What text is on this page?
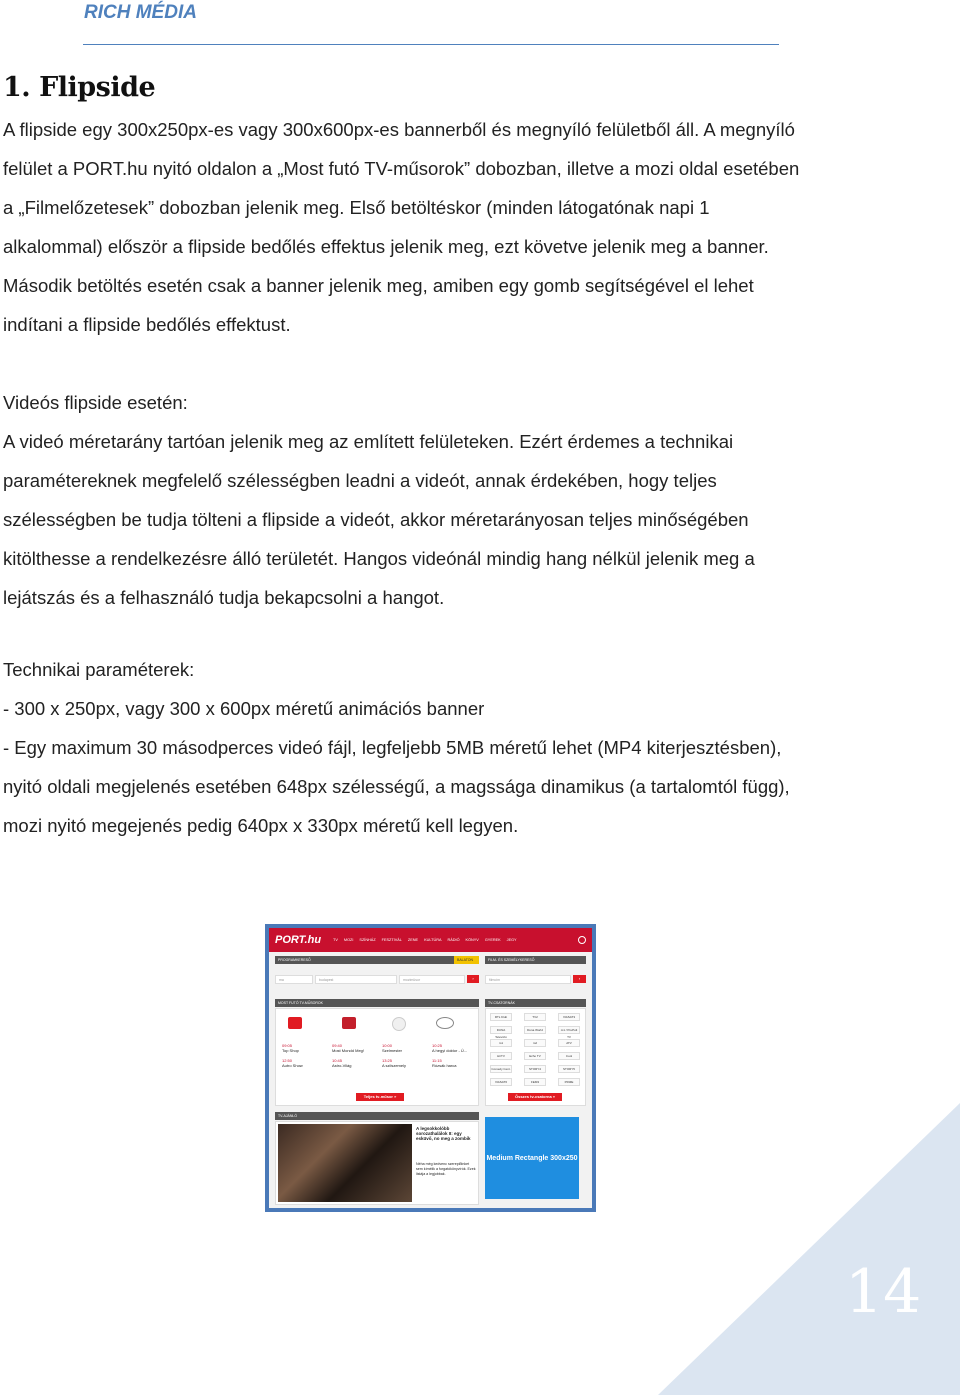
RICH MÉDIA
1. Flipside
A flipside egy 300x250px-es vagy 300x600px-es bannerből és megnyíló felületből áll. A megnyíló
felület a PORT.hu nyitó oldalon a „Most futó TV-műsorok” dobozban, illetve a mozi oldal esetében
a „Filmelőzetesek” dobozban jelenik meg. Első betöltéskor (minden látogatónak napi 1
alkalommal) először a flipside bedőlés effektus jelenik meg, ezt követve jelenik meg a banner.
Második betöltés esetén csak a banner jelenik meg, amiben egy gomb segítségével el lehet
indítani a flipside bedőlés effektust.
Videós flipside esetén:
A videó méretarány tartóan jelenik meg az említett felületeken. Ezért érdemes a technikai
paramétereknek megfelelő szélességben leadni a videót, annak érdekében, hogy teljes
szélességben be tudja tölteni a flipside a videót, akkor méretarányosan teljes minőségében
kitölthesse a rendelkezésre álló területét. Hangos videónál mindig hang nélkül jelenik meg a
lejátszás és a felhasználó tudja bekapcsolni a hangot.
Technikai paraméterek:
- 300 x 250px, vagy 300 x 600px méretű animációs banner
- Egy maximum 30 másodperces videó fájl, legfeljebb 5MB méretű lehet (MP4 kiterjesztésben),
nyitó oldali megjelenés esetében 648px szélességű, a magssága dinamikus (a tartalomtól függ),
mozi nyitó megejenés pedig 640px x 330px méretű kell legyen.
PORT.hu	TV MOZI SZÍNHÁZ FESZTIVÁL ZENE KULTÚRA RÁDIÓ KÖNYV GYEREK JEGY
PROGRAMKERESŐ	BALATON	FILM- ÉS SZEMÉLYKERESŐ
ma	budapest	mozimüsor	›	filmcím	›
MOST FUTÓ TV-MŰSOROK
09:05
Top Shop

12:50
Autro Show
09:40
Most Mondd Meg!

10:45
Astro-Világ
10:00
Szelmester

13:25
A szilszemely
10:25
A hegyi doktor - Ú...

11:15
Rózsák harca
Teljes tv-műsor »
TV-CSATORNÁK
RTL Klub	TV2	VIASAT3
DUNA Televízió
Duna World	m1 / PrePolt TV
m1	m2	ATV
HirTV	Echo TV	Cool
Comedy Cent.	STORY4	STORY5
VIASAT6	FEM3	PRIZE
Összes tv-csatorna »
TV-AJÁNLÓ
A legsokkolóbb sorozathalálok II: egy esküvő, no meg a zombik
Néha még kedvenc szereplőinket sem kímélik a forgatókönyvírók. Ezek listája a legjobbak.
Medium Rectangle 300x250
14
